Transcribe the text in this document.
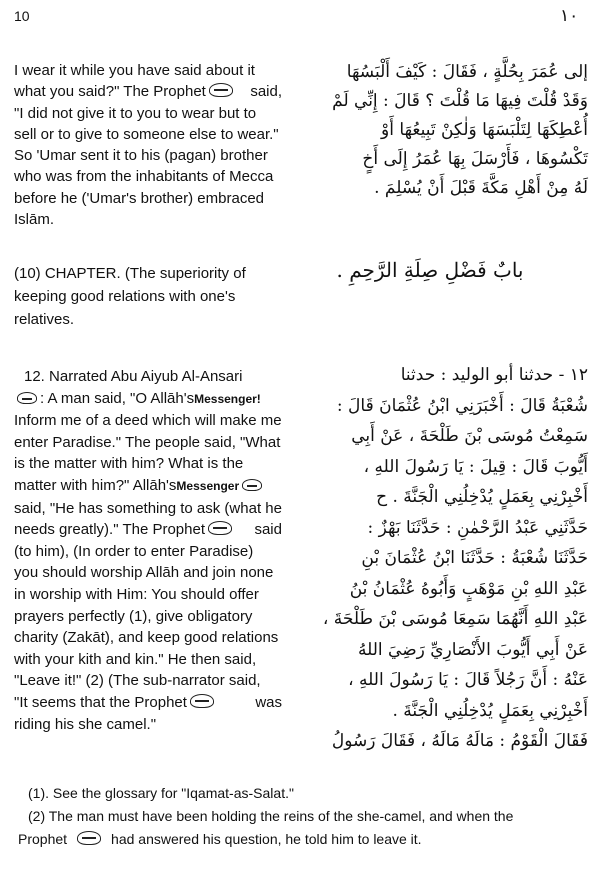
10	١٠

I wear it while you have said about it

what you said?" The Prophet	said,

"I did not give it to you to wear but to

sell or to give to someone else to wear."

So 'Umar sent it to his (pagan) brother

who was from the inhabitants of Mecca

before he ('Umar's brother) embraced

Islām.

إلى عُمَرَ بِحُلَّةٍ ، فَقَالَ : كَيْفَ أَلْبَسُهَا

وَقَدْ قُلْتَ فِيهَا مَا قُلْتَ ؟ قَالَ : إِنِّي لَمْ

أُعْطِكَهَا لِتَلْبَسَهَا وَلٰكِنْ تَبِيعُهَا أَوْ

تَكْسُوهَا ، فَأَرْسَلَ بِهَا عُمَرُ إِلَى أَخٍ

لَهُ مِنْ أَهْلِ مَكَّةَ قَبْلَ أَنْ يُسْلِمَ .

(10) CHAPTER. (The superiority of

keeping good relations with one's

relatives.

بابٌ فَضْلِ صِلَةِ الرَّحِمِ .

12. Narrated Abu Aiyub Al-Ansari

: A man said, "O Allāh'sMessenger!

Inform me of a deed which will make me

enter Paradise." The people said, "What

is the matter with him? What is the

matter with him?" Allāh'sMessenger

said, "He has something to ask (what he

needs greatly)." The Prophet	said

(to him), (In order to enter Paradise)

you should worship Allāh and join none

in worship with Him: You should offer

prayers perfectly (1), give obligatory

charity (Zakāt), and keep good relations

with your kith and kin." He then said,

"Leave it!" (2) (The sub-narrator said,

"It seems that the Prophet	was

riding his she camel."

١٢ - حدثنا أبو الوليد : حدثنا

شُعْبَةُ قَالَ : أَخْبَرَنِي ابْنُ عُثْمَانَ قَالَ :

سَمِعْتُ مُوسَى بْنَ طَلْحَةَ ، عَنْ أَبِي

أَيُّوبَ قَالَ : قِيلَ : يَا رَسُولَ اللهِ ،

أَخْبِرْنِي بِعَمَلٍ يُدْخِلُنِي الْجَنَّةَ . ح

حَدَّثَنِي عَبْدُ الرَّحْمٰنِ : حَدَّثَنَا بَهْزٌ :

حَدَّثَنَا شُعْبَةُ : حَدَّثَنَا ابْنُ عُثْمَانَ بْنِ

عَبْدِ اللهِ بْنِ مَوْهَبٍ وَأَبُوهُ عُثْمَانُ بْنُ

عَبْدِ اللهِ أَنَّهُمَا سَمِعَا مُوسَى بْنَ طَلْحَةَ ،

عَنْ أَبِي أَيُّوبَ الأَنْصَارِيِّ رَضِيَ اللهُ

عَنْهُ : أَنَّ رَجُلاً قَالَ : يَا رَسُولَ اللهِ ،

أَخْبِرْنِي بِعَمَلٍ يُدْخِلُنِي الْجَنَّةَ .

فَقَالَ الْقَوْمُ : مَالَهُ مَالَهُ ، فَقَالَ رَسُولُ

(1). See the glossary for "Iqamat-as-Salat."

(2) The man must have been holding the reins of the she-camel, and when the

Prophet	had answered his question, he told him to leave it.
